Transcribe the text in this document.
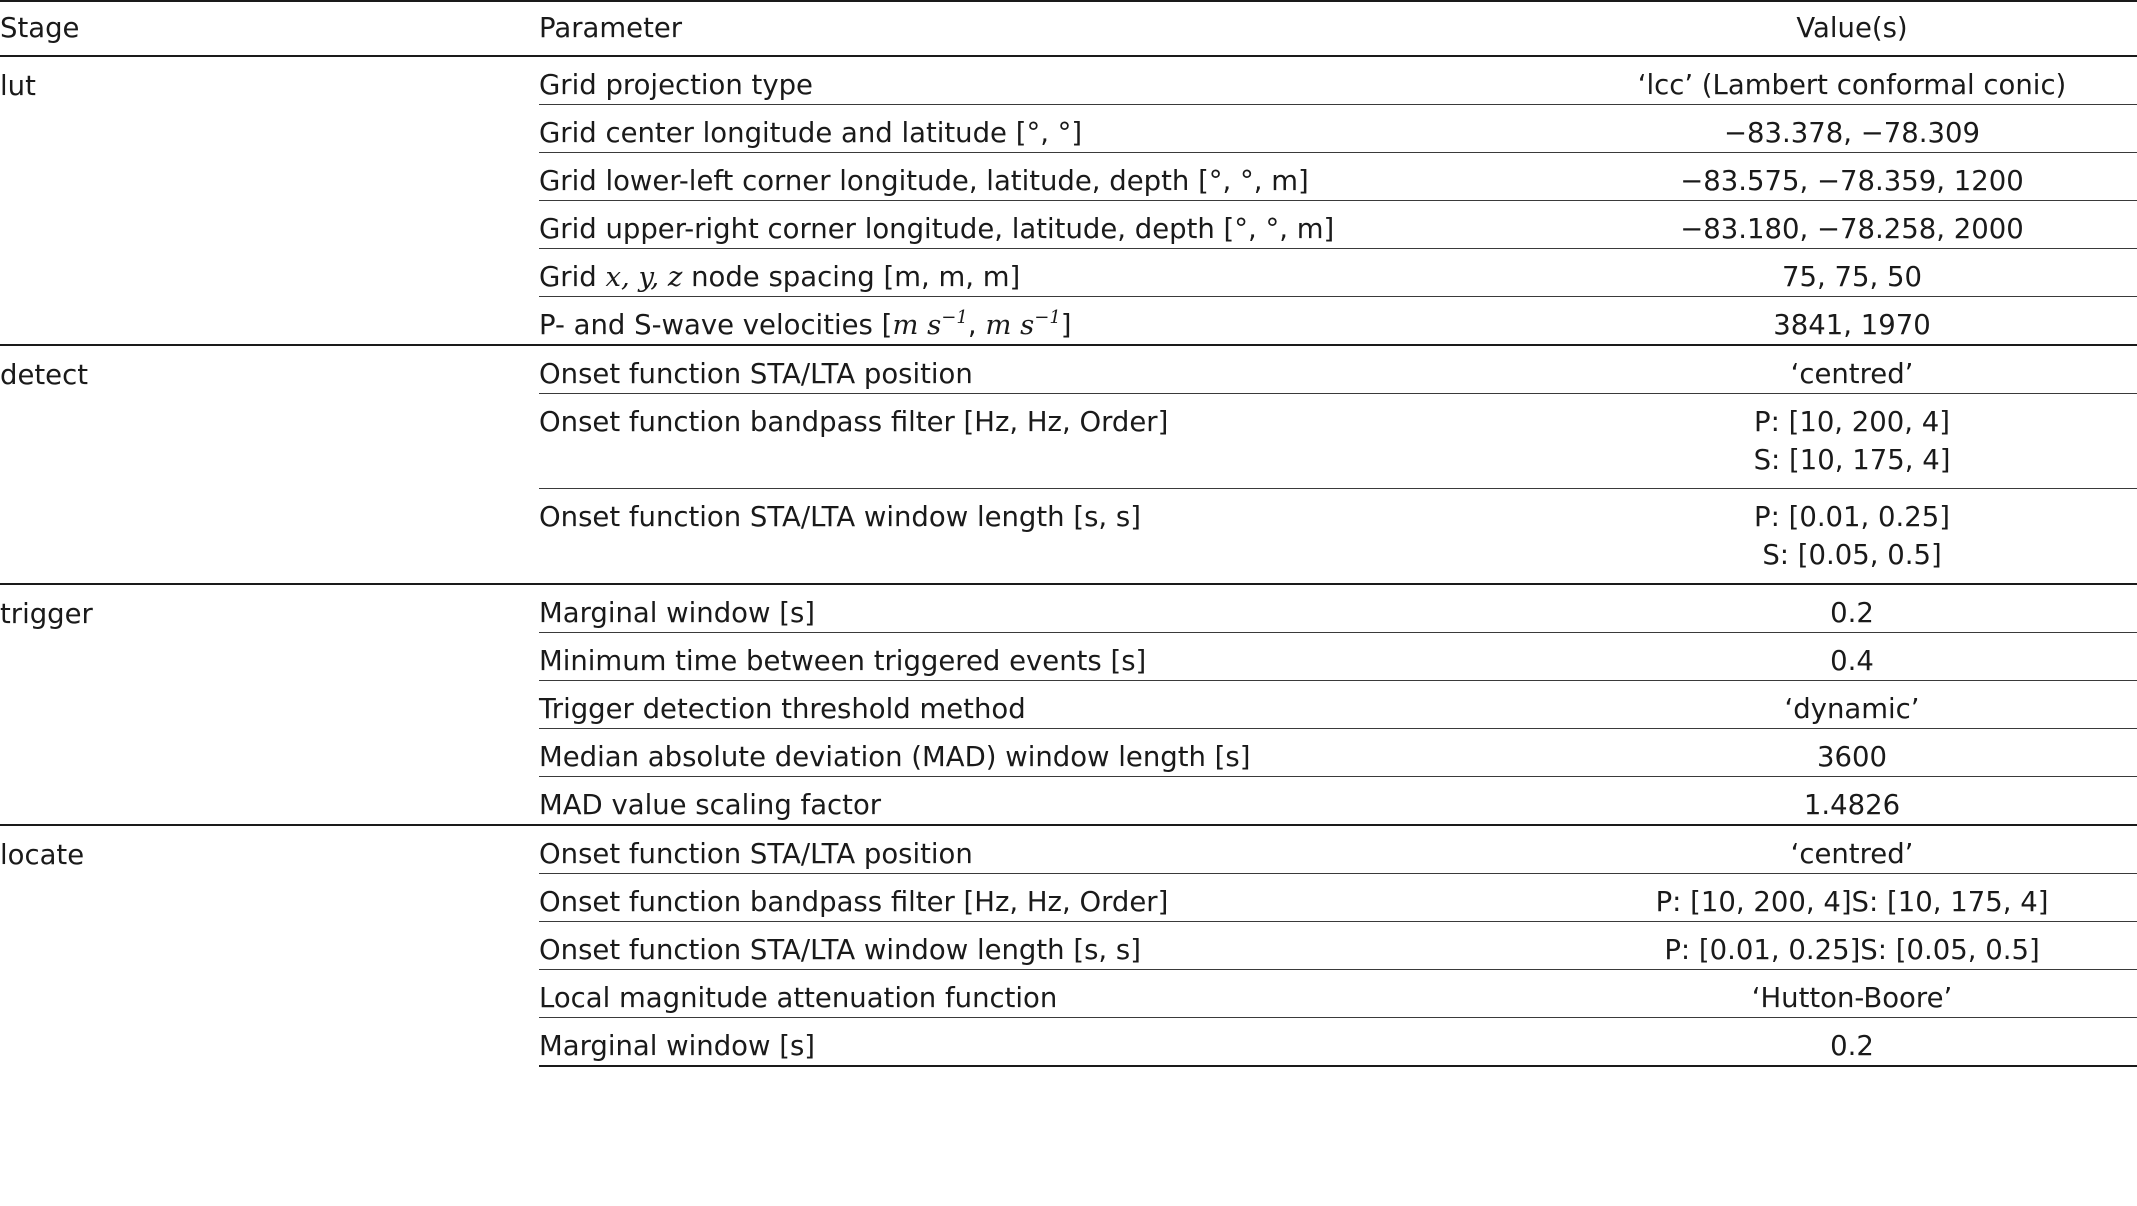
Stage	Parameter	Value(s)
lut	Grid projection type	‘lcc’ (Lambert conformal conic)

	Grid center longitude and latitude [°, °]	−83.378, −78.309

	Grid lower-left corner longitude, latitude, depth [°, °, m]	−83.575, −78.359, 1200

	Grid upper-right corner longitude, latitude, depth [°, °, m]	−83.180, −78.258, 2000

	Grid x, y, z node spacing [m, m, m]	75, 75, 50

	P- and S-wave velocities [m $s^{-1}$, m $s^{-1}$]	3841, 1970

detect	Onset function STA/LTA position	‘centred’

	Onset function bandpass filter [Hz, Hz, Order]	P: [10, 200, 4]
S: [10, 175, 4]

	Onset function STA/LTA window length [s, s]	P: [0.01, 0.25]
S: [0.05, 0.5]

trigger	Marginal window [s]	0.2

	Minimum time between triggered events [s]	0.4

	Trigger detection threshold method	‘dynamic’

	Median absolute deviation (MAD) window length [s]	3600

	MAD value scaling factor	1.4826

locate	Onset function STA/LTA position	‘centred’

	Onset function bandpass filter [Hz, Hz, Order]	P: [10, 200, 4]S: [10, 175, 4]

	Onset function STA/LTA window length [s, s]	P: [0.01, 0.25]S: [0.05, 0.5]

	Local magnitude attenuation function	‘Hutton-Boore’

	Marginal window [s]	0.2
